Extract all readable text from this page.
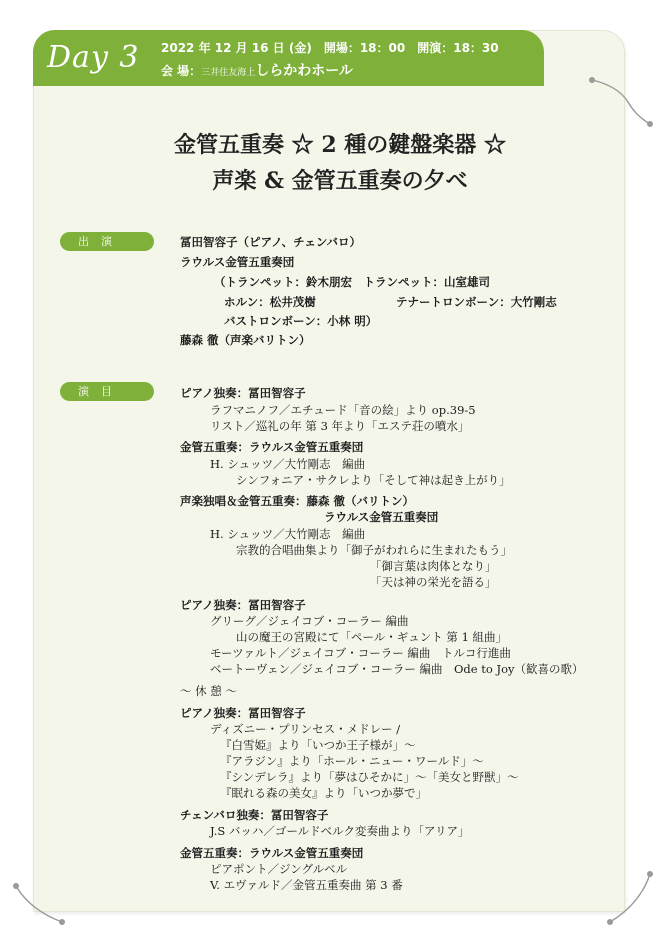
Day 3 2022 年 12 月 16 日 (金)　開場：18：00　開演：18：30
会 場：三井住友海上しらかわホール
金管五重奏 ☆ 2 種の鍵盤楽器 ☆
声楽 & 金管五重奏の夕べ
出演	冨田智容子（ピアノ、チェンバロ）
ラウルス金管五重奏団
（トランペット：鈴木朋宏　トランペット：山室雄司
ホルン：松井茂樹	テナートロンボーン：大竹剛志
バストロンボーン：小林 明）
藤森 徹（声楽バリトン）
演目	ピアノ独奏：冨田智容子
ラフマニノフ／エチュード「音の絵」より op.39-5
リスト／巡礼の年 第 3 年より「エステ荘の噴水」
金管五重奏：ラウルス金管五重奏団
H. シュッツ／大竹剛志　編曲
シンフォニア・サクレより「そして神は起き上がり」
声楽独唱＆金管五重奏：藤森 徹（バリトン）
ラウルス金管五重奏団
H. シュッツ／大竹剛志　編曲
宗教的合唱曲集より「御子がわれらに生まれたもう」
「御言葉は肉体となり」
「天は神の栄光を語る」
ピアノ独奏：冨田智容子
グリーグ／ジェイコブ・コーラー 編曲
山の魔王の宮殿にて「ペール・ギュント 第 1 組曲」
モーツァルト／ジェイコブ・コーラー 編曲　トルコ行進曲
ベートーヴェン／ジェイコブ・コーラー 編曲　Ode to Joy（歓喜の歌）
～ 休 憩 ～
ピアノ独奏：冨田智容子
ディズニー・プリンセス・メドレー /
『白雪姫』より「いつか王子様が」～
『アラジン』より「ホール・ニュー・ワールド」～
『シンデレラ』より「夢はひそかに」～「美女と野獣」～
『眠れる森の美女』より「いつか夢で」
チェンバロ独奏：冨田智容子
J.S バッハ／ゴールドベルク変奏曲より「アリア」
金管五重奏：ラウルス金管五重奏団
ピアポント／ジングルベル
V. エヴァルド／金管五重奏曲 第 3 番
